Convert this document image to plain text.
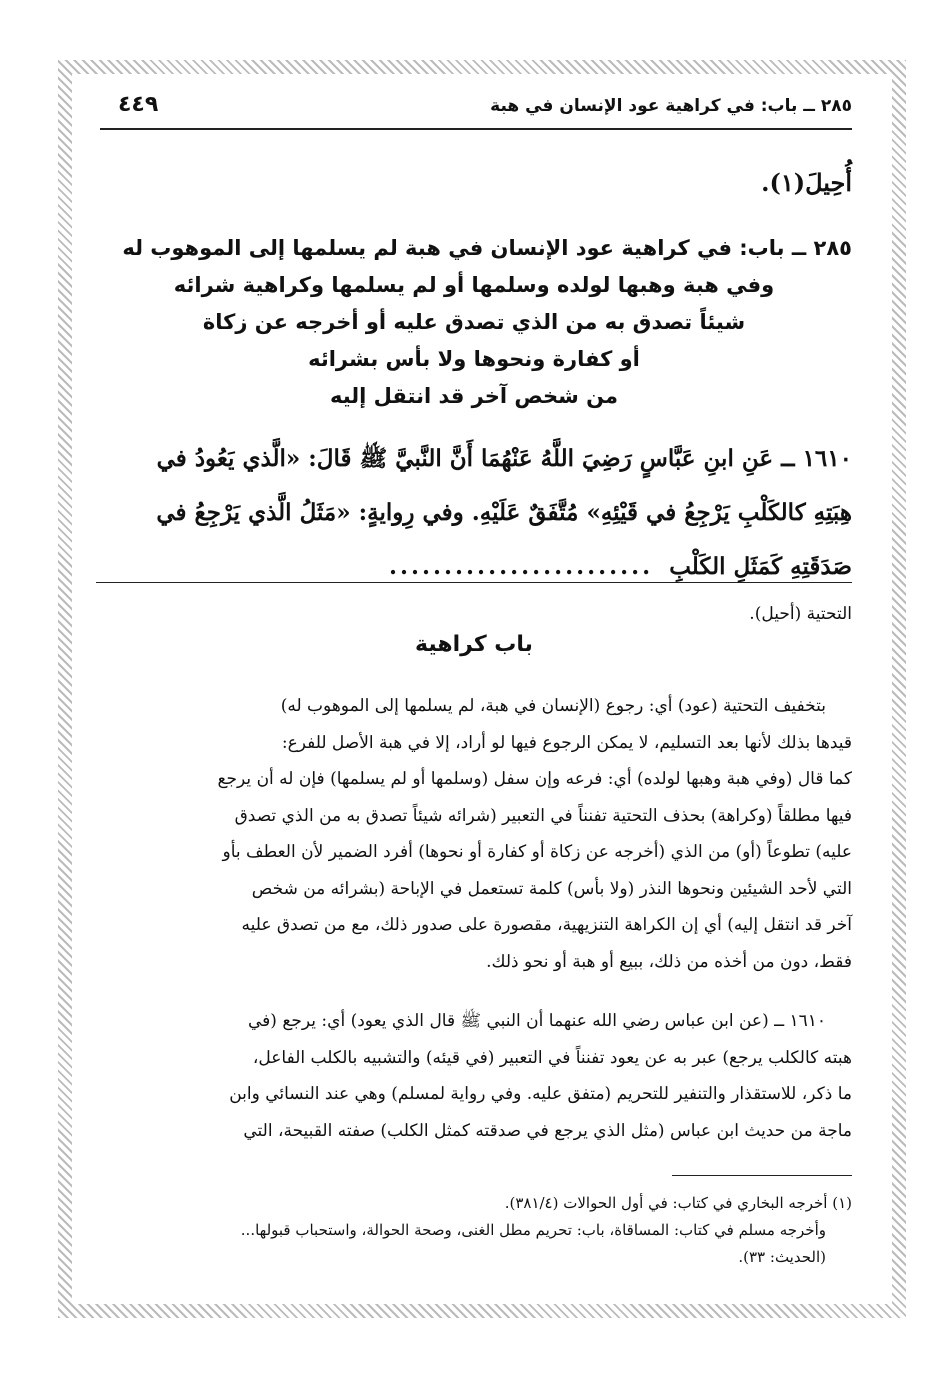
٢٨٥ ــ باب: في كراهية عود الإنسان في هبة
٤٤٩
أُحِيلَ(١).
٢٨٥ ــ باب: في كراهية عود الإنسان في هبة لم يسلمها إلى الموهوب له
وفي هبة وهبها لولده وسلمها أو لم يسلمها وكراهية شرائه
شيئاً تصدق به من الذي تصدق عليه أو أخرجه عن زكاة
أو كفارة ونحوها ولا بأس بشرائه
من شخص آخر قد انتقل إليه
١٦١٠ ــ عَنِ ابنِ عَبَّاسٍ رَضِيَ اللَّهُ عَنْهُمَا أَنَّ النَّبيَّ ﷺ قَالَ: «الَّذي يَعُودُ في
هِبَتِهِ كالكَلْبِ يَرْجِعُ في قَيْئِهِ» مُتَّفَقٌ عَلَيْهِ. وفي رِوايةٍ: «مَثَلُ الَّذي يَرْجِعُ في
صَدَقَتِهِ كَمَثَلِ الكَلْبِ ........................

التحتية (أحيل).

باب كراهية

بتخفيف التحتية (عود) أي: رجوع (الإنسان في هبة، لم يسلمها إلى الموهوب له)

قيدها بذلك لأنها بعد التسليم، لا يمكن الرجوع فيها لو أراد، إلا في هبة الأصل للفرع:

كما قال (وفي هبة وهبها لولده) أي: فرعه وإن سفل (وسلمها أو لم يسلمها) فإن له أن يرجع

فيها مطلقاً (وكراهة) بحذف التحتية تفنناً في التعبير (شرائه شيئاً تصدق به من الذي تصدق

عليه) تطوعاً (أو) من الذي (أخرجه عن زكاة أو كفارة أو نحوها) أفرد الضمير لأن العطف بأو

التي لأحد الشيئين ونحوها النذر (ولا بأس) كلمة تستعمل في الإباحة (بشرائه من شخص

آخر قد انتقل إليه) أي إن الكراهة التنزيهية، مقصورة على صدور ذلك، مع من تصدق عليه

فقط، دون من أخذه من ذلك، ببيع أو هبة أو نحو ذلك.

١٦١٠ ــ (عن ابن عباس رضي الله عنهما أن النبي ﷺ قال الذي يعود) أي: يرجع (في

هبته كالكلب يرجع) عبر به عن يعود تفنناً في التعبير (في قيئه) والتشبيه بالكلب الفاعل،

ما ذكر، للاستقذار والتنفير للتحريم (متفق عليه. وفي رواية لمسلم) وهي عند النسائي وابن

ماجة من حديث ابن عباس (مثل الذي يرجع في صدقته كمثل الكلب) صفته القبيحة، التي

(١) أخرجه البخاري في كتاب: في أول الحوالات (٣٨١/٤).

وأخرجه مسلم في كتاب: المساقاة، باب: تحريم مطل الغنى، وصحة الحوالة، واستحباب قبولها...

(الحديث: ٣٣).
